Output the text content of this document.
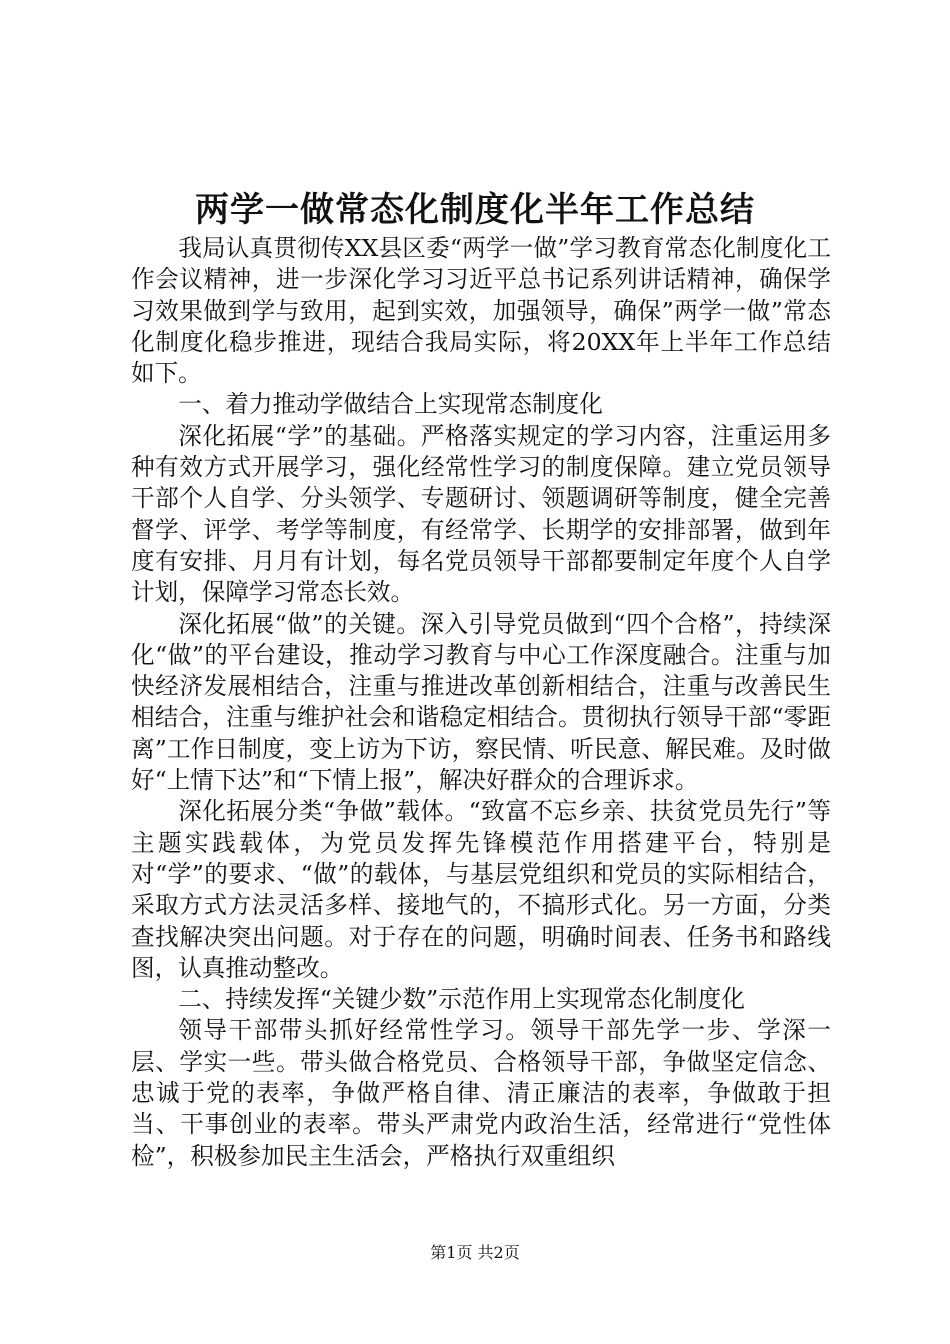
两学一做常态化制度化半年工作总结

我局认真贯彻传XX县区委“两学一做”学习教育常态化制度化工作会议精神，进一步深化学习习近平总书记系列讲话精神，确保学习效果做到学与致用，起到实效，加强领导，确保”两学一做”常态化制度化稳步推进，现结合我局实际，将20XX年上半年工作总结如下。

一、着力推动学做结合上实现常态制度化

深化拓展“学”的基础。严格落实规定的学习内容，注重运用多种有效方式开展学习，强化经常性学习的制度保障。建立党员领导干部个人自学、分头领学、专题研讨、领题调研等制度，健全完善督学、评学、考学等制度，有经常学、长期学的安排部署，做到年度有安排、月月有计划，每名党员领导干部都要制定年度个人自学计划，保障学习常态长效。

深化拓展“做”的关键。深入引导党员做到“四个合格”，持续深化“做”的平台建设，推动学习教育与中心工作深度融合。注重与加快经济发展相结合，注重与推进改革创新相结合，注重与改善民生相结合，注重与维护社会和谐稳定相结合。贯彻执行领导干部“零距离”工作日制度，变上访为下访，察民情、听民意、解民难。及时做好“上情下达”和“下情上报”，解决好群众的合理诉求。

深化拓展分类“争做”载体。“致富不忘乡亲、扶贫党员先行”等主题实践载体，为党员发挥先锋模范作用搭建平台，特别是对“学”的要求、“做”的载体，与基层党组织和党员的实际相结合，采取方式方法灵活多样、接地气的，不搞形式化。另一方面，分类查找解决突出问题。对于存在的问题，明确时间表、任务书和路线图，认真推动整改。

二、持续发挥“关键少数”示范作用上实现常态化制度化

领导干部带头抓好经常性学习。领导干部先学一步、学深一层、学实一些。带头做合格党员、合格领导干部，争做坚定信念、忠诚于党的表率，争做严格自律、清正廉洁的表率，争做敢于担当、干事创业的表率。带头严肃党内政治生活，经常进行“党性体检”，积极参加民主生活会，严格执行双重组织

第1页 共2页
